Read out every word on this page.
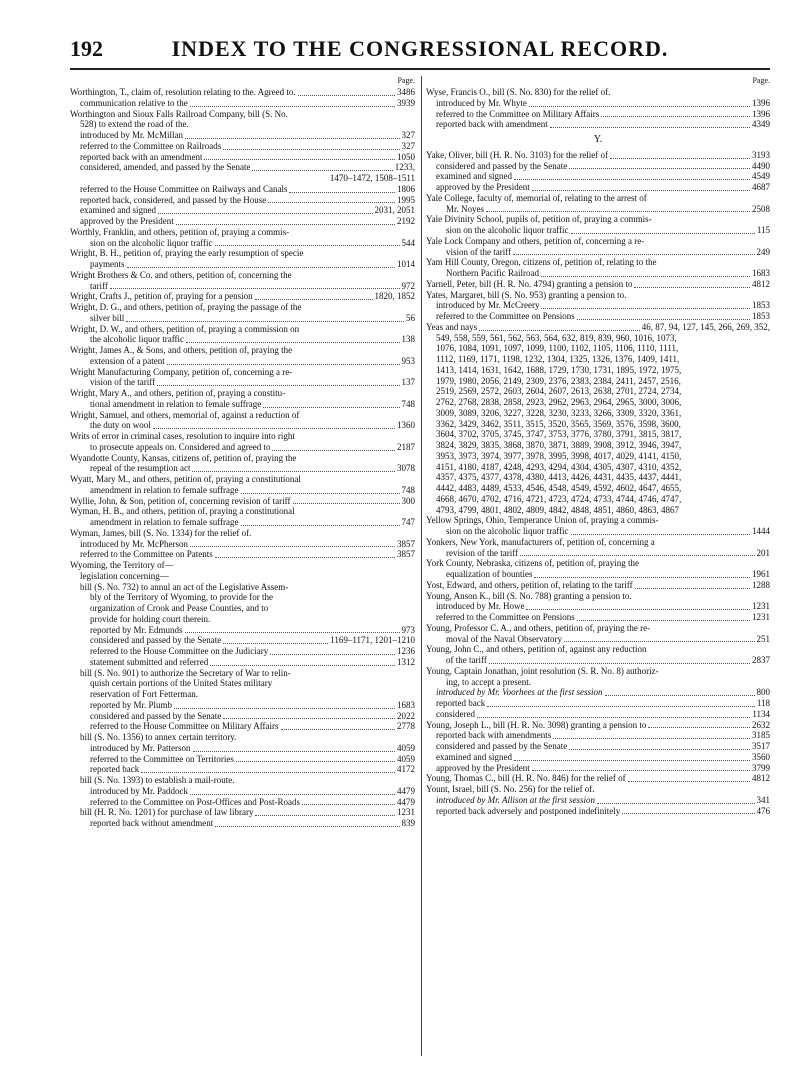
192	INDEX TO THE CONGRESSIONAL RECORD.
Page.
Worthington, T., claim of, resolution relating to the. Agreed to.	3486
communication relative to the	3939
Worthington and Sioux Falls Railroad Company, bill (S. No.
528) to extend the road of the.
introduced by Mr. McMillan	327
referred to the Committee on Railroads	327
reported back with an amendment	1050
considered, amended, and passed by the Senate	1233,
1470–1472, 1508–1511
referred to the House Committee on Railways and Canals	1806
reported back, considered, and passed by the House	1995
examined and signed	2031, 2051
approved by the President	2192
Worthly, Franklin, and others, petition of, praying a commis-
sion on the alcoholic liquor traffic	544
Wright, B. H., petition of, praying the early resumption of specie
payments	1014
Wright Brothers & Co. and others, petition of, concerning the
tariff	972
Wright, Crafts J., petition of, praying for a pension	1820, 1852
Wright, D. G., and others, petition of, praying the passage of the
silver bill	56
Wright, D. W., and others, petition of, praying a commission on
the alcoholic liquor traffic	138
Wright, James A., & Sons, and others, petition of, praying the
extension of a patent	953
Wright Manufacturing Company, petition of, concerning a re-
vision of the tariff	137
Wright, Mary A., and others, petition of, praying a constitu-
tional amendment in relation to female suffrage	748
Wright, Samuel, and others, memorial of, against a reduction of
the duty on wool	1360
Writs of error in criminal cases, resolution to inquire into right
to prosecute appeals on. Considered and agreed to	2187
Wyandotte County, Kansas, citizens of, petition of, praying the
repeal of the resumption act	3078
Wyatt, Mary M., and others, petition of, praying a constitutional
amendment in relation to female suffrage	748
Wyllie, John, & Son, petition of, concerning revision of tariff	300
Wyman, H. B., and others, petition of, praying a constitutional
amendment in relation to female suffrage	747
Wyman, James, bill (S. No. 1334) for the relief of.
introduced by Mr. McPherson	3857
referred to the Committee on Patents	3857
Wyoming, the Territory of—
legislation concerning—
bill (S. No. 732) to annul an act of the Legislative Assem-
bly of the Territory of Wyoming, to provide for the
organization of Crook and Pease Counties, and to
provide for holding court therein.
reported by Mr. Edmunds	973
considered and passed by the Senate	1169–1171, 1201–1210
referred to the House Committee on the Judiciary	1236
statement submitted and referred	1312
bill (S. No. 901) to authorize the Secretary of War to relin-
quish certain portions of the United States military
reservation of Fort Fetterman.
reported by Mr. Plumb	1683
considered and passed by the Senate	2022
referred to the House Committee on Military Affairs	2778
bill (S. No. 1356) to annex certain territory.
introduced by Mr. Patterson	4059
referred to the Committee on Territories	4059
reported back	4172
bill (S. No. 1393) to establish a mail-route.
introduced by Mr. Paddock	4479
referred to the Committee on Post-Offices and Post-Roads	4479
bill (H. R. No. 1201) for purchase of law library	1231
reported back without amendment	839
Page.
Wyse, Francis O., bill (S. No. 830) for the relief of.
introduced by Mr. Whyte	1396
referred to the Committee on Military Affairs	1396
reported back with amendment	4349
Y.
Yake, Oliver, bill (H. R. No. 3103) for the relief of	3193
considered and passed by the Senate	4490
examined and signed	4549
approved by the President	4687
Yale College, faculty of, memorial of, relating to the arrest of
Mr. Noyes	2508
Yale Divinity School, pupils of, petition of, praying a commis-
sion on the alcoholic liquor traffic	115
Yale Lock Company and others, petition of, concerning a re-
vision of the tariff	249
Yam Hill County, Oregon, citizens of, petition of, relating to the
Northern Pacific Railroad	1683
Yarnell, Peter, bill (H. R. No. 4794) granting a pension to	4812
Yates, Margaret, bill (S. No. 953) granting a pension to.
introduced by Mr. McCreery	1853
referred to the Committee on Pensions	1853
Yeas and nays	46, 87, 94, 127, 145, 266, 269, 352,
549, 558, 559, 561, 562, 563, 564, 632, 819, 839, 960, 1016, 1073,
1076, 1084, 1091, 1097, 1099, 1100, 1102, 1105, 1106, 1110, 1111,
1112, 1169, 1171, 1198, 1232, 1304, 1325, 1326, 1376, 1409, 1411,
1413, 1414, 1631, 1642, 1688, 1729, 1730, 1731, 1895, 1972, 1975,
1979, 1980, 2056, 2149, 2309, 2376, 2383, 2384, 2411, 2457, 2516,
2519, 2569, 2572, 2603, 2604, 2607, 2613, 2638, 2701, 2724, 2734,
2762, 2768, 2838, 2858, 2923, 2962, 2963, 2964, 2965, 3000, 3006,
3009, 3089, 3206, 3227, 3228, 3230, 3233, 3266, 3309, 3320, 3361,
3362, 3429, 3462, 3511, 3515, 3520, 3565, 3569, 3576, 3598, 3600,
3604, 3702, 3705, 3745, 3747, 3753, 3776, 3780, 3791, 3815, 3817,
3824, 3829, 3835, 3868, 3870, 3871, 3889, 3908, 3912, 3946, 3947,
3953, 3973, 3974, 3977, 3978, 3995, 3998, 4017, 4029, 4141, 4150,
4151, 4180, 4187, 4248, 4293, 4294, 4304, 4305, 4307, 4310, 4352,
4357, 4375, 4377, 4378, 4380, 4413, 4426, 4431, 4435, 4437, 4441,
4442, 4483, 4489, 4533, 4546, 4548, 4549, 4592, 4602, 4647, 4655,
4668, 4670, 4702, 4716, 4721, 4723, 4724, 4733, 4744, 4746, 4747,
4793, 4799, 4801, 4802, 4809, 4842, 4848, 4851, 4860, 4863, 4867
Yellow Springs, Ohio, Temperance Union of, praying a commis-
sion on the alcoholic liquor traffic	1444
Yonkers, New York, manufacturers of, petition of, concerning a
revision of the tariff	201
York County, Nebraska, citizens of, petition of, praying the
equalization of bounties	1961
Yost, Edward, and others, petition of, relating to the tariff	1288
Young, Anson K., bill (S. No. 788) granting a pension to.
introduced by Mr. Howe	1231
referred to the Committee on Pensions	1231
Young, Professor C. A., and others, petition of, praying the re-
moval of the Naval Observatory	251
Young, John C., and others, petition of, against any reduction
of the tariff	2837
Young, Captain Jonathan, joint resolution (S. R. No. 8) authoriz-
ing, to accept a present.
introduced by Mr. Voorhees at the first session	800
reported back	118
considered	1134
Young, Joseph L., bill (H. R. No. 3098) granting a pension to	2632
reported back with amendments	3185
considered and passed by the Senate	3517
examined and signed	3560
approved by the President	3799
Young, Thomas C., bill (H. R. No. 846) for the relief of	4812
Yount, Israel, bill (S. No. 256) for the relief of.
introduced by Mr. Allison at the first session	341
reported back adversely and postponed indefinitely	476
